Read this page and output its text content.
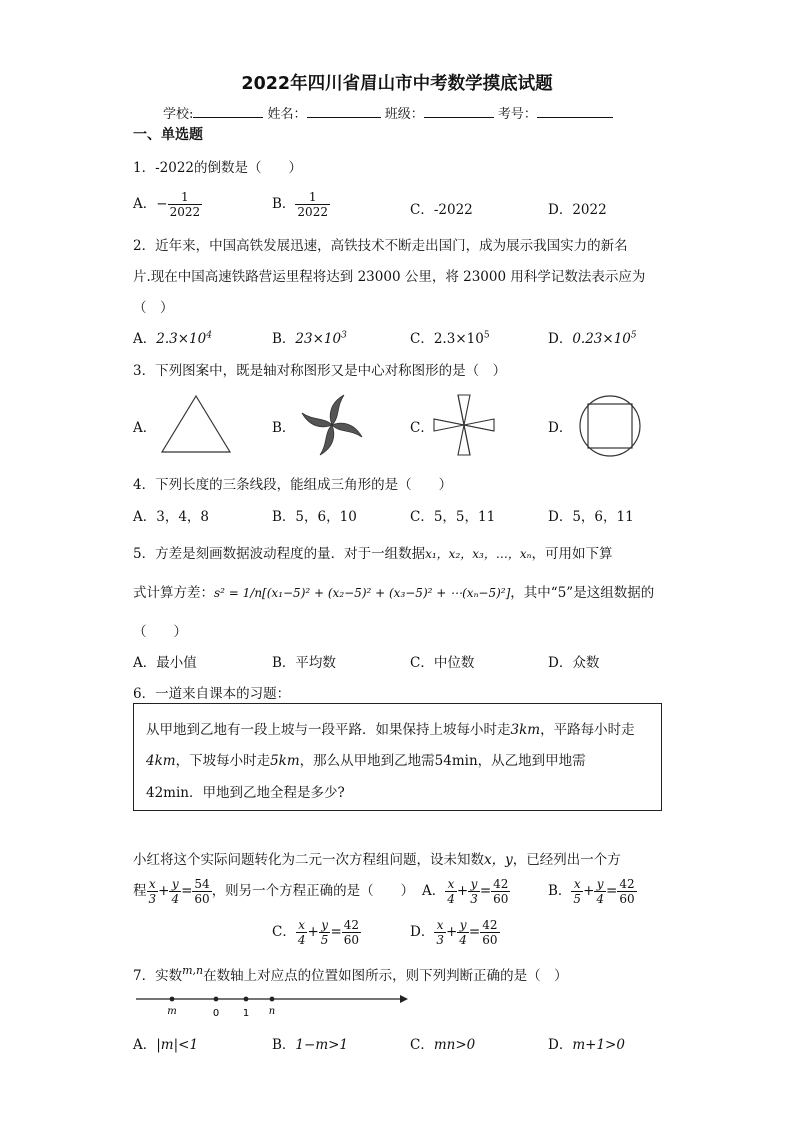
2022年四川省眉山市中考数学摸底试题
学校:	姓名：	班级：	考号：
一、单选题
1．-2022的倒数是（　　）
A．− $\frac{1}{2022}$	B． $\frac{1}{2022}$	C．-2022	D．2022
2．近年来，中国高铁发展迅速，高铁技术不断走出国门，成为展示我国实力的新名
片.现在中国高速铁路营运里程将达到 23000 公里，将 23000 用科学记数法表示应为
（　）
A．$2.3\times 10^4$	B．$23\times 10^3$	C．$2.3\times 10^5$	D．$0.23\times 10^5$
3．下列图案中，既是轴对称图形又是中心对称图形的是（　）
A．	B．	C．	D．
4．下列长度的三条线段，能组成三角形的是（　　）
A．3，4，8	B．5，6，10	C．5，5，11	D．5，6，11
5．方差是刻画数据波动程度的量．对于一组数据x₁，x₂，x₃，…，xₙ，可用如下算
式计算方差：s² = 1/n[(x₁−5)² + (x₂−5)² + (x₃−5)² + ⋯(xₙ−5)²]，其中“5”是这组数据的
（　　）
A．最小值	B．平均数	C．中位数	D．众数
6．一道来自课本的习题：
从甲地到乙地有一段上坡与一段平路．如果保持上坡每小时走3km，平路每小时走
4km，下坡每小时走5km，那么从甲地到乙地需54min，从乙地到甲地需
42min．甲地到乙地全程是多少?
小红将这个实际问题转化为二元一次方程组问题，设未知数x，y，已经列出一个方
程 $\frac{x}{3} + \frac{y}{4} = \frac{54}{60}$ ，则另一个方程正确的是（　　） A． $\frac{x}{4} + \frac{y}{3} = \frac{42}{60}$	B． $\frac{x}{5} + \frac{y}{4} = \frac{42}{60}$
C． $\frac{x}{4} + \frac{y}{5} = \frac{42}{60}$	D． $\frac{x}{3} + \frac{y}{4} = \frac{42}{60}$
7．实数$^{m,n}$在数轴上对应点的位置如图所示，则下列判断正确的是（　）
m	0 1 n
A．|m|<1	B．1−m>1	C．mn>0	D．m+1>0
